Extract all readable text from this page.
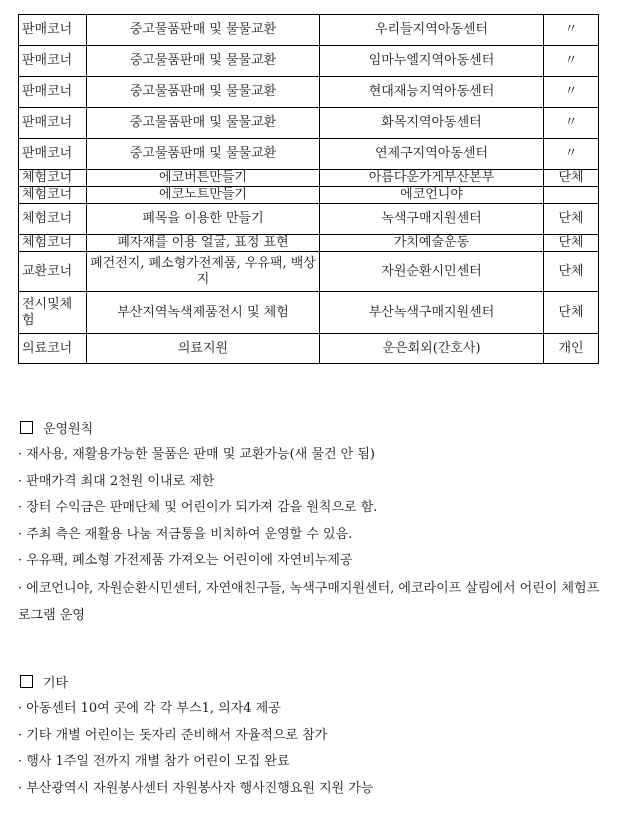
판매코너	중고물품판매 및 물물교환	우리들지역아동센터	〃
판매코너	중고물품판매 및 물물교환	임마누엘지역아동센터	〃
판매코너	중고물품판매 및 물물교환	현대재능지역아동센터	〃
판매코너	중고물품판매 및 물물교환	화목지역아동센터	〃
판매코너	중고물품판매 및 물물교환	연제구지역아동센터	〃
체험코너	에코버튼만들기	아름다운가게부산본부	단체
체험코너	에코노트만들기	에코언니야	
체험코너	폐목을 이용한 만들기	녹색구매지원센터	단체
체험코너	폐자재를 이용 얼굴, 표정 표현	가치예술운동	단체
교환코너	폐건전지, 폐소형가전제품, 우유팩, 백상지	자원순환시민센터	단체
전시및체험	부산지역녹색제품전시 및 체험	부산녹색구매지원센터	단체
의료코너	의료지원	운은회외(간호사)	개인
운영원칙
· 재사용, 재활용가능한 물품은 판매 및 교환가능(새 물건 안 됨)
· 판매가격 최대 2천원 이내로 제한
· 장터 수익금은 판매단체 및 어린이가 되가져 감을 원칙으로 함.
· 주최 측은 재활용 나눔 저금통을 비치하여 운영할 수 있음.
· 우유팩, 폐소형 가전제품 가져오는 어린이에 자연비누제공
· 에코언니야, 자원순환시민센터, 자연애친구들, 녹색구매지원센터, 에코라이프 살림에서 어린이 체험프로그램 운영
기타
· 아동센터 10여 곳에 각 각 부스1, 의자4 제공
· 기타 개별 어린이는 돗자리 준비해서 자율적으로 참가
· 행사 1주일 전까지 개별 참가 어린이 모집 완료
· 부산광역시 자원봉사센터 자원봉사자 행사진행요원 지원 가능
